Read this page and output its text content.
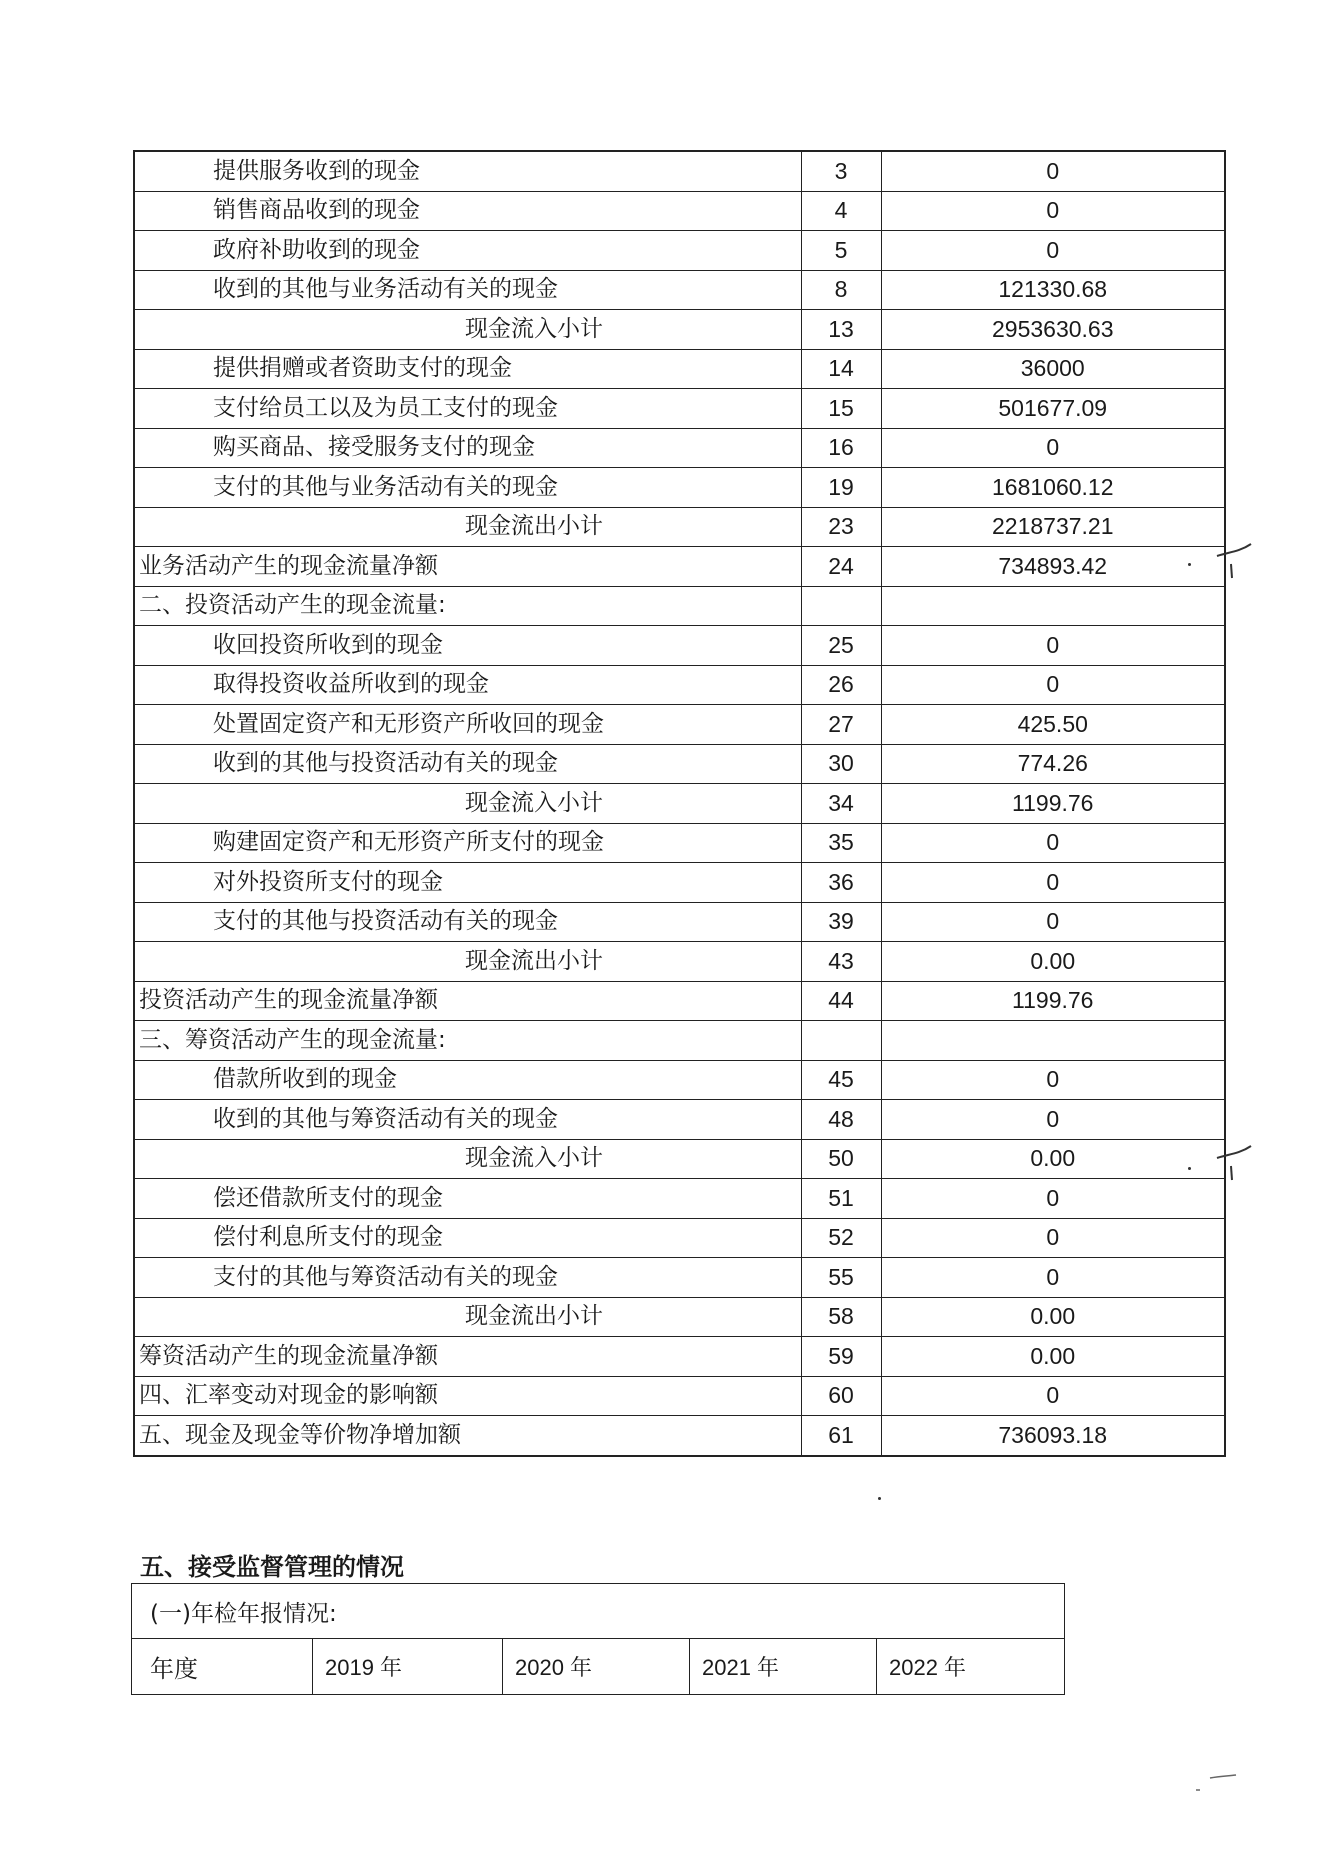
提供服务收到的现金	3	0
销售商品收到的现金	4	0
政府补助收到的现金	5	0
收到的其他与业务活动有关的现金	8	121330.68
现金流入小计	13	2953630.63
提供捐赠或者资助支付的现金	14	36000
支付给员工以及为员工支付的现金	15	501677.09
购买商品、接受服务支付的现金	16	0
支付的其他与业务活动有关的现金	19	1681060.12
现金流出小计	23	2218737.21
业务活动产生的现金流量净额	24	734893.42
二、投资活动产生的现金流量:		
收回投资所收到的现金	25	0
取得投资收益所收到的现金	26	0
处置固定资产和无形资产所收回的现金	27	425.50
收到的其他与投资活动有关的现金	30	774.26
现金流入小计	34	1199.76
购建固定资产和无形资产所支付的现金	35	0
对外投资所支付的现金	36	0
支付的其他与投资活动有关的现金	39	0
现金流出小计	43	0.00
投资活动产生的现金流量净额	44	1199.76
三、筹资活动产生的现金流量:		
借款所收到的现金	45	0
收到的其他与筹资活动有关的现金	48	0
现金流入小计	50	0.00
偿还借款所支付的现金	51	0
偿付利息所支付的现金	52	0
支付的其他与筹资活动有关的现金	55	0
现金流出小计	58	0.00
筹资活动产生的现金流量净额	59	0.00
四、汇率变动对现金的影响额	60	0
五、现金及现金等价物净增加额	61	736093.18
五、接受监督管理的情况
(一)年检年报情况:
年度	2019 年	2020 年	2021 年	2022 年
